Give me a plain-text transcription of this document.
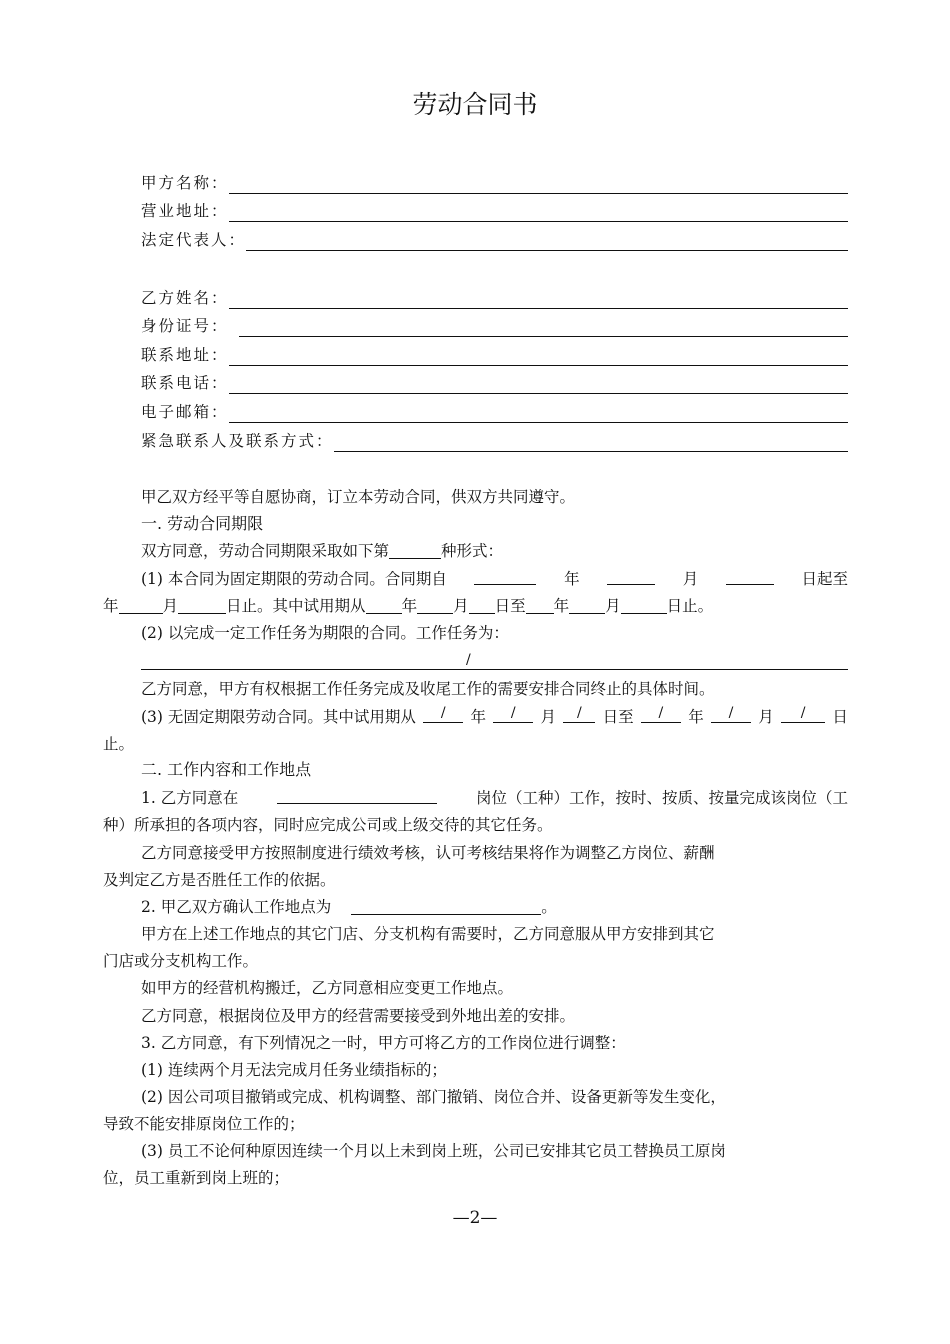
劳动合同书
甲方名称：
营业地址：
法定代表人：
乙方姓名：
身份证号：
联系地址：
联系电话：
电子邮箱：
紧急联系人及联系方式：
甲乙双方经平等自愿协商，订立本劳动合同，供双方共同遵守。
一. 劳动合同期限
双方同意，劳动合同期限采取如下第	种形式：
(1) 本合同为固定期限的劳动合同。合同期自	年	月	日起至
年	月	日止。其中试用期从 年 月 日至 年 月	日止。
(2) 以完成一定工作任务为期限的合同。工作任务为：
/
乙方同意，甲方有权根据工作任务完成及收尾工作的需要安排合同终止的具体时间。
(3) 无固定期限劳动合同。其中试用期从	/	年	/	月	/	日至	/	年	/	月	/	日
止。
二. 工作内容和工作地点
1. 乙方同意在	岗位（工种）工作，按时、按质、按量完成该岗位（工
种）所承担的各项内容，同时应完成公司或上级交待的其它任务。
乙方同意接受甲方按照制度进行绩效考核，认可考核结果将作为调整乙方岗位、薪酬
及判定乙方是否胜任工作的依据。
2. 甲乙双方确认工作地点为	。
甲方在上述工作地点的其它门店、分支机构有需要时，乙方同意服从甲方安排到其它
门店或分支机构工作。
如甲方的经营机构搬迁，乙方同意相应变更工作地点。
乙方同意，根据岗位及甲方的经营需要接受到外地出差的安排。
3. 乙方同意，有下列情况之一时，甲方可将乙方的工作岗位进行调整：
(1) 连续两个月无法完成月任务业绩指标的；
(2) 因公司项目撤销或完成、机构调整、部门撤销、岗位合并、设备更新等发生变化，
导致不能安排原岗位工作的；
(3) 员工不论何种原因连续一个月以上未到岗上班，公司已安排其它员工替换员工原岗
位，员工重新到岗上班的；
—2—
